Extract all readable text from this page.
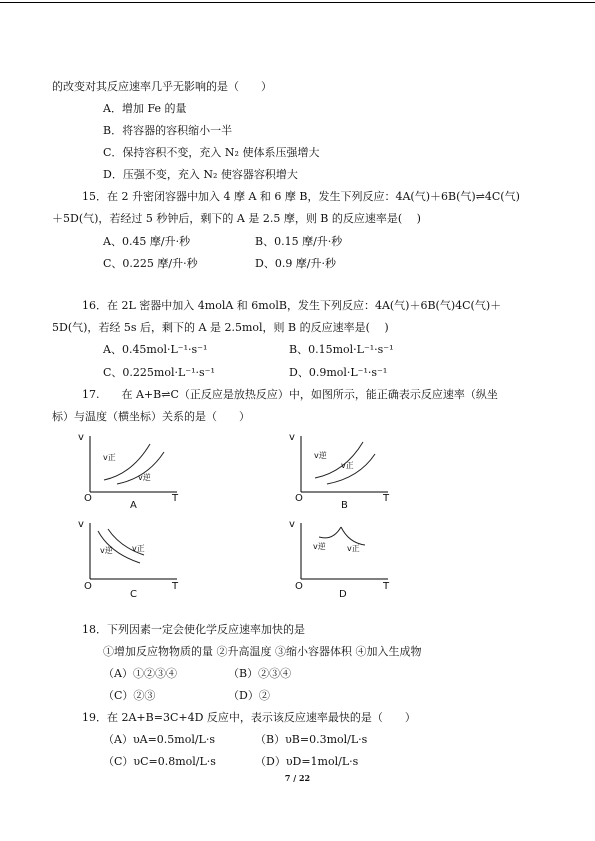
的改变对其反应速率几乎无影响的是（　　）
A．增加 Fe 的量
B．将容器的容积缩小一半
C．保持容积不变，充入 N₂ 使体系压强增大
D．压强不变，充入 N₂ 使容器容积增大
15．在 2 升密闭容器中加入 4 摩 A 和 6 摩 B，发生下列反应：4A(气)＋6B(气)⇌4C(气)
＋5D(气)，若经过 5 秒钟后，剩下的 A 是 2.5 摩，则 B 的反应速率是(　 )
A、0.45 摩/升·秒	B、0.15 摩/升·秒
C、0.225 摩/升·秒	D、0.9 摩/升·秒
16．在 2L 密器中加入 4molA 和 6molB，发生下列反应：4A(气)＋6B(气)4C(气)＋
5D(气)，若经 5s 后，剩下的 A 是 2.5mol，则 B 的反应速率是(　 )
A、0.45mol·L⁻¹·s⁻¹	B、0.15mol·L⁻¹·s⁻¹
C、0.225mol·L⁻¹·s⁻¹	D、0.9mol·L⁻¹·s⁻¹
17.　　在 A+B⇌C（正反应是放热反应）中，如图所示，能正确表示反应速率（纵坐
标）与温度（横坐标）关系的是（　　）
v
O	T
v正
v逆
A
v
O	T
v逆
v正
B
v
O	T
v逆 v正
C
v
O	T
v逆	v正
D
18．下列因素一定会使化学反应速率加快的是
①增加反应物物质的量 ②升高温度 ③缩小容器体积 ④加入生成物
（A）①②③④	（B）②③④
（C）②③	（D）②
19．在 2A+B=3C+4D 反应中，表示该反应速率最快的是（　　）
（A）υA=0.5mol/L·s	（B）υB=0.3mol/L·s
（C）υC=0.8mol/L·s	（D）υD=1mol/L·s
7 / 22
